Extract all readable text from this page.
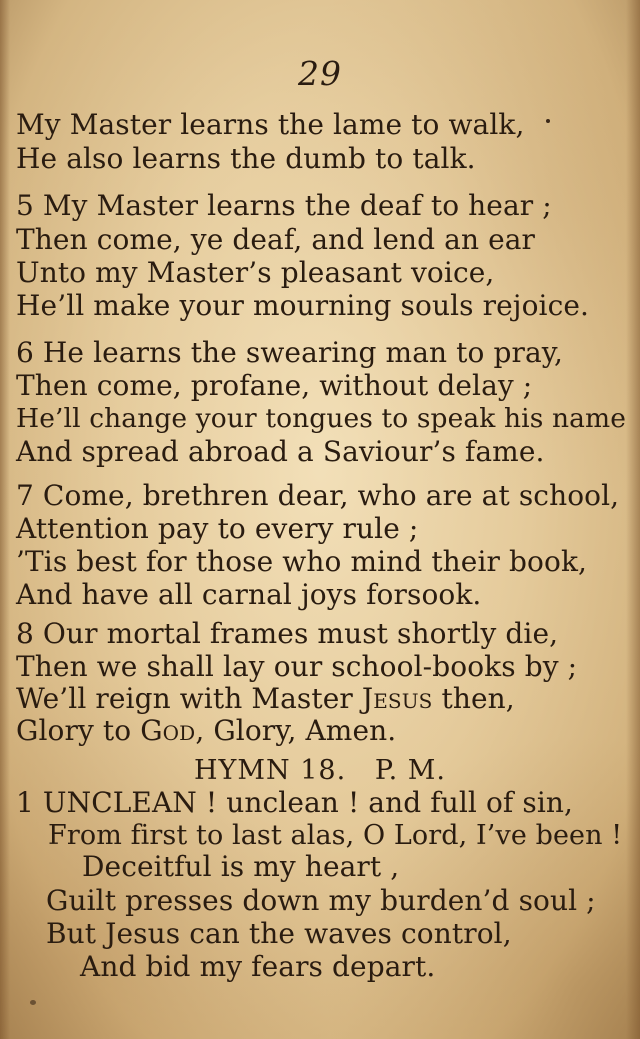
29
My Master learns the lame to walk,
He also learns the dumb to talk.
5 My Master learns the deaf to hear ;
Then come, ye deaf, and lend an ear
Unto my Master’s pleasant voice,
He’ll make your mourning souls rejoice.
6 He learns the swearing man to pray,
Then come, profane, without delay ;
He’ll change your tongues to speak his name
And spread abroad a Saviour’s fame.
7 Come, brethren dear, who are at school,
Attention pay to every rule ;
’Tis best for those who mind their book,
And have all carnal joys forsook.
8 Our mortal frames must shortly die,
Then we shall lay our school-books by ;
We’ll reign with Master Jesus then,
Glory to God, Glory, Amen.
HYMN 18.   P. M.
1 UNCLEAN ! unclean ! and full of sin,
From first to last alas, O Lord, I’ve been !
Deceitful is my heart ,
Guilt presses down my burden’d soul ;
But Jesus can the waves control,
And bid my fears depart.
